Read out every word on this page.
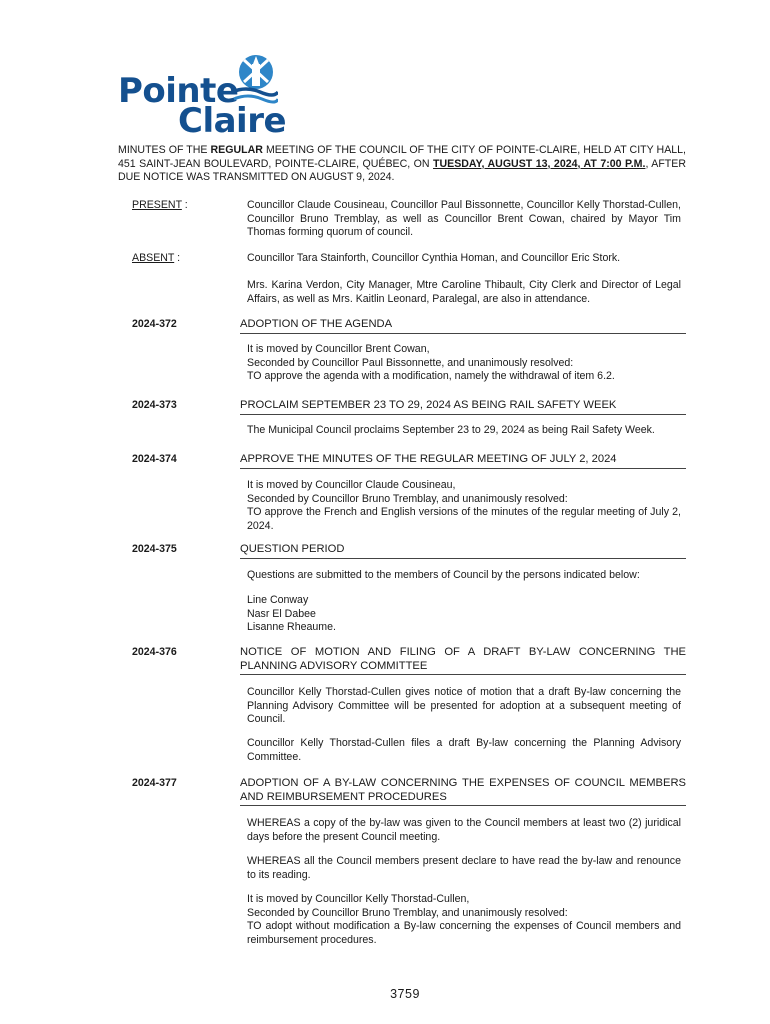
Pointe
Claire
MINUTES OF THE REGULAR MEETING OF THE COUNCIL OF THE CITY OF POINTE-CLAIRE, HELD AT CITY HALL, 451 SAINT-JEAN BOULEVARD, POINTE-CLAIRE, QUÉBEC, ON TUESDAY, AUGUST 13, 2024, AT 7:00 P.M., AFTER DUE NOTICE WAS TRANSMITTED ON AUGUST 9, 2024.
PRESENT :	Councillor Claude Cousineau, Councillor Paul Bissonnette, Councillor Kelly Thorstad-Cullen, Councillor Bruno Tremblay, as well as Councillor Brent Cowan, chaired by Mayor Tim Thomas forming quorum of council.
ABSENT :	Councillor Tara Stainforth, Councillor Cynthia Homan, and Councillor Eric Stork.
Mrs. Karina Verdon, City Manager, Mtre Caroline Thibault, City Clerk and Director of Legal Affairs, as well as Mrs. Kaitlin Leonard, Paralegal, are also in attendance.
2024-372	ADOPTION OF THE AGENDA
It is moved by Councillor Brent Cowan,
Seconded by Councillor Paul Bissonnette, and unanimously resolved:
TO approve the agenda with a modification, namely the withdrawal of item 6.2.
2024-373	PROCLAIM SEPTEMBER 23 TO 29, 2024 AS BEING RAIL SAFETY WEEK
The Municipal Council proclaims September 23 to 29, 2024 as being Rail Safety Week.
2024-374	APPROVE THE MINUTES OF THE REGULAR MEETING OF JULY 2, 2024
It is moved by Councillor Claude Cousineau,
Seconded by Councillor Bruno Tremblay, and unanimously resolved:
TO approve the French and English versions of the minutes of the regular meeting of July 2, 2024.
2024-375	QUESTION PERIOD
Questions are submitted to the members of Council by the persons indicated below:
Line Conway
Nasr El Dabee
Lisanne Rheaume.
2024-376	NOTICE OF MOTION AND FILING OF A DRAFT BY-LAW CONCERNING THE PLANNING ADVISORY COMMITTEE
Councillor Kelly Thorstad-Cullen gives notice of motion that a draft By-law concerning the Planning Advisory Committee will be presented for adoption at a subsequent meeting of Council.
Councillor Kelly Thorstad-Cullen files a draft By-law concerning the Planning Advisory Committee.
2024-377	ADOPTION OF A BY-LAW CONCERNING THE EXPENSES OF COUNCIL MEMBERS AND REIMBURSEMENT PROCEDURES
WHEREAS a copy of the by-law was given to the Council members at least two (2) juridical days before the present Council meeting.
WHEREAS all the Council members present declare to have read the by-law and renounce to its reading.
It is moved by Councillor Kelly Thorstad-Cullen,
Seconded by Councillor Bruno Tremblay, and unanimously resolved:
TO adopt without modification a By-law concerning the expenses of Council members and reimbursement procedures.
3759
